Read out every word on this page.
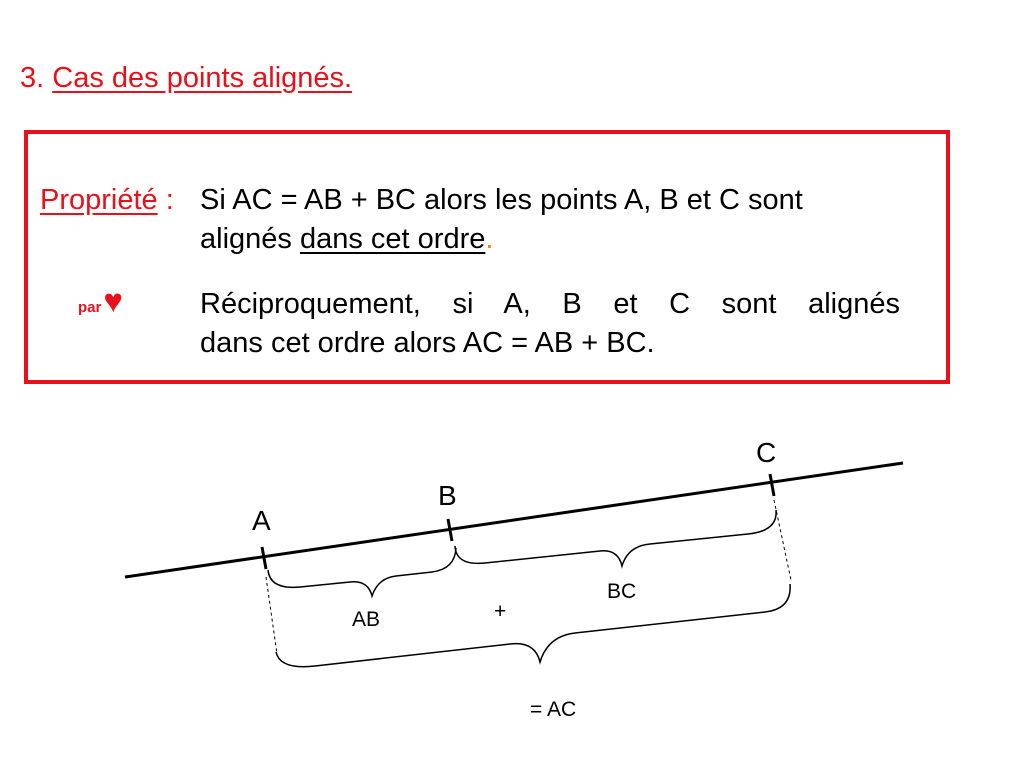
3. Cas des points alignés.
Propriété : Si AC = AB + BC alors les points A, B et C sont
alignés dans cet ordre.
par♥	Réciproquement, si A, B et C sont alignés
dans cet ordre alors AC = AB + BC.
A
B
C
AB	+
BC
= AC
